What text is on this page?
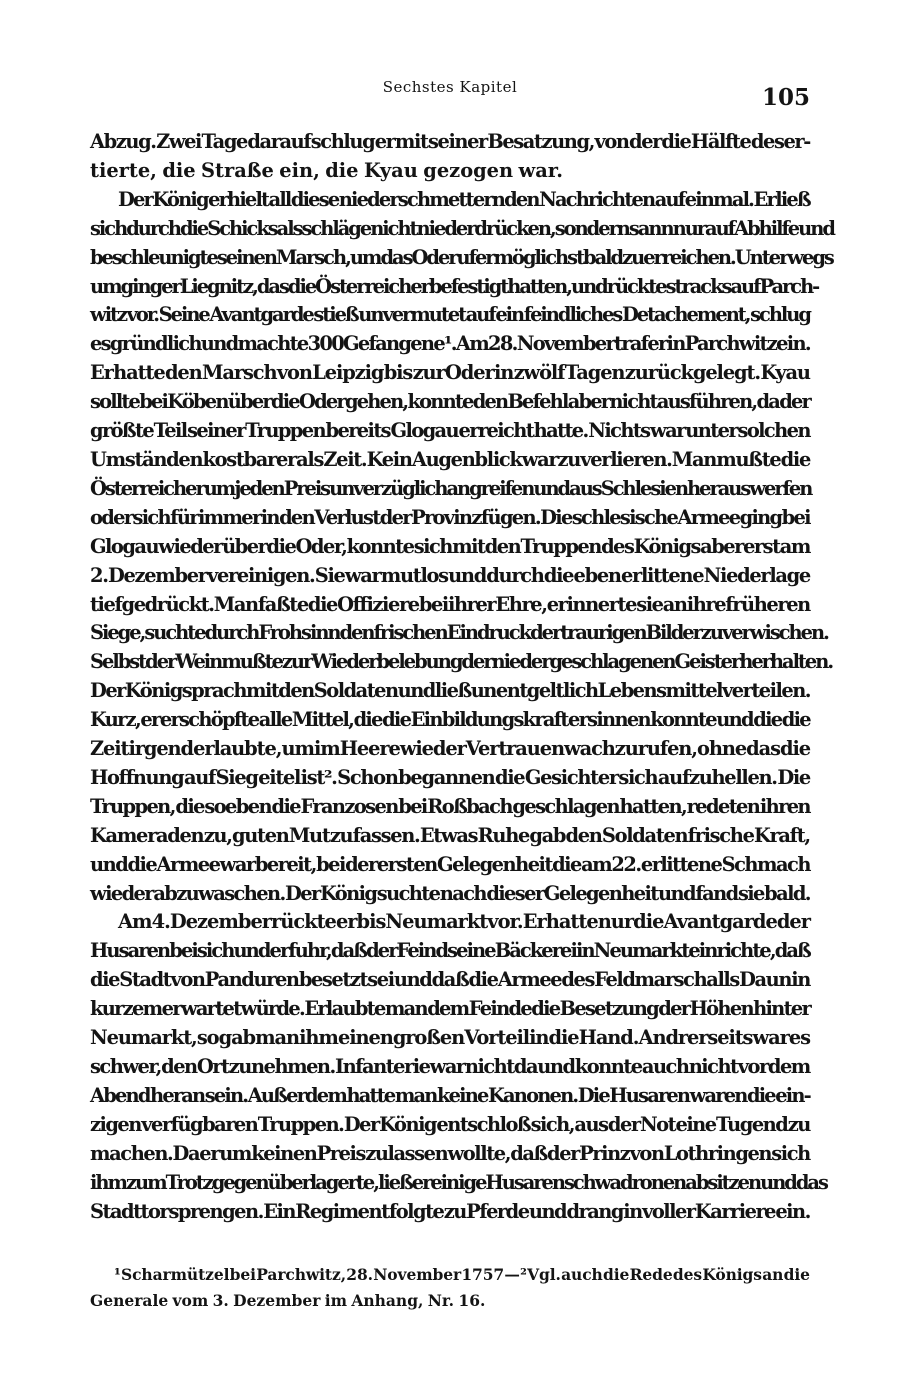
Sechstes Kapitel	105
Abzug. Zwei Tage darauf schlug er mit seiner Besatzung, von der die Hälfte deser-
tierte, die Straße ein, die Kyau gezogen war.
Der König erhielt all diese niederschmetternden Nachrichten auf einmal. Er ließ
sich durch die Schicksalsschläge nicht niederdrücken, sondern sann nur auf Abhilfe und
beschleunigte seinen Marsch, um das Oderufer möglichst bald zu erreichen. Unterwegs
umging er Liegnitz, das die Österreicher befestigt hatten, und rückte stracks auf Parch-
witz vor. Seine Avantgarde stieß unvermutet auf ein feindliches Detachement, schlug
es gründlich und machte 300 Gefangene¹. Am 28. November traf er in Parchwitz ein.
Er hatte den Marsch von Leipzig bis zur Oder in zwölf Tagen zurückgelegt. Kyau
sollte bei Köben über die Oder gehen, konnte den Befehl aber nicht ausführen, da der
größte Teil seiner Truppen bereits Glogau erreicht hatte. Nichts war unter solchen
Umständen kostbarer als Zeit. Kein Augenblick war zu verlieren. Man mußte die
Österreicher um jeden Preis unverzüglich angreifen und aus Schlesien herauswerfen
oder sich für immer in den Verlust der Provinz fügen. Die schlesische Armee ging bei
Glogau wieder über die Oder, konnte sich mit den Truppen des Königs aber erst am
2. Dezember vereinigen. Sie war mutlos und durch die eben erlittene Niederlage
tief gedrückt. Man faßte die Offiziere bei ihrer Ehre, erinnerte sie an ihre früheren
Siege, suchte durch Frohsinn den frischen Eindruck der traurigen Bilder zu verwischen.
Selbst der Wein mußte zur Wiederbelebung der niedergeschlagenen Geister herhalten.
Der König sprach mit den Soldaten und ließ unentgeltlich Lebensmittel verteilen.
Kurz, er erschöpfte alle Mittel, die die Einbildungskraft ersinnen konnte und die die
Zeit irgend erlaubte, um im Heere wieder Vertrauen wachzurufen, ohne das die
Hoffnung auf Sieg eitel ist². Schon begannen die Gesichter sich aufzuhellen. Die
Truppen, die soeben die Franzosen bei Roßbach geschlagen hatten, redeten ihren
Kameraden zu, guten Mut zu fassen. Etwas Ruhe gab den Soldaten frische Kraft,
und die Armee war bereit, bei der ersten Gelegenheit die am 22. erlittene Schmach
wieder abzuwaschen. Der König suchte nach dieser Gelegenheit und fand sie bald.
Am 4. Dezember rückte er bis Neumarkt vor. Er hatte nur die Avantgarde der
Husaren bei sich und erfuhr, daß der Feind seine Bäckerei in Neumarkt einrichte, daß
die Stadt von Panduren besetzt sei und daß die Armee des Feldmarschalls Daun in
kurzem erwartet würde. Erlaubte man dem Feinde die Besetzung der Höhen hinter
Neumarkt, so gab man ihm einen großen Vorteil in die Hand. Andrerseits war es
schwer, den Ort zu nehmen. Infanterie war nicht da und konnte auch nicht vor dem
Abend heran sein. Außerdem hatte man keine Kanonen. Die Husaren waren die ein-
zigen verfügbaren Truppen. Der König entschloß sich, aus der Not eine Tugend zu
machen. Da er um keinen Preis zulassen wollte, daß der Prinz von Lothringen sich
ihm zum Trotz gegenüber lagerte, ließ er einige Husarenschwadronen absitzen und das
Stadttor sprengen. Ein Regiment folgte zu Pferde und drang in voller Karriere ein.
¹ Scharmützel bei Parchwitz, 28. November 1757 — ² Vgl. auch die Rede des Königs an die
Generale vom 3. Dezember im Anhang, Nr. 16.
